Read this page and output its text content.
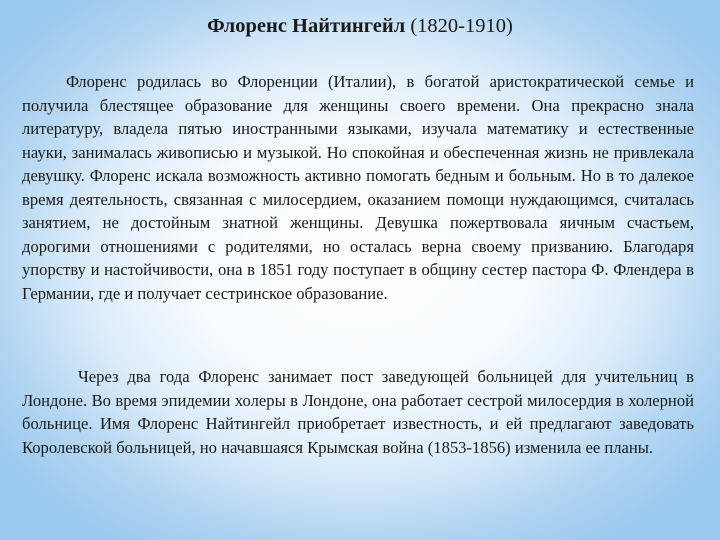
Флоренс Найтингейл (1820-1910)

Флоренс родилась во Флоренции (Италии), в богатой аристократической семье и получила блестящее образование для женщины своего времени. Она прекрасно знала литературу, владела пятью иностранными языками, изучала математику и естественные науки, занималась живописью и музыкой. Но спокойная и обеспеченная жизнь не привлекала девушку. Флоренс искала возможность активно помогать бедным и больным. Но в то далекое время деятельность, связанная с милосердием, оказанием помощи нуждающимся, считалась занятием, не достойным знатной женщины. Девушка пожертвовала яичным счастьем, дорогими отношениями с родителями, но осталась верна своему призванию. Благодаря упорству и настойчивости, она в 1851 году поступает в общину сестер пастора Ф. Флендера в Германии, где и получает сестринское образование.

Через два года Флоренс занимает пост заведующей больницей для учительниц в Лондоне. Во время эпидемии холеры в Лондоне, она работает сестрой милосердия в холерной больнице. Имя Флоренс Найтингейл приобретает известность, и ей предлагают заведовать Королевской больницей, но начавшаяся Крымская война (1853-1856) изменила ее планы.
